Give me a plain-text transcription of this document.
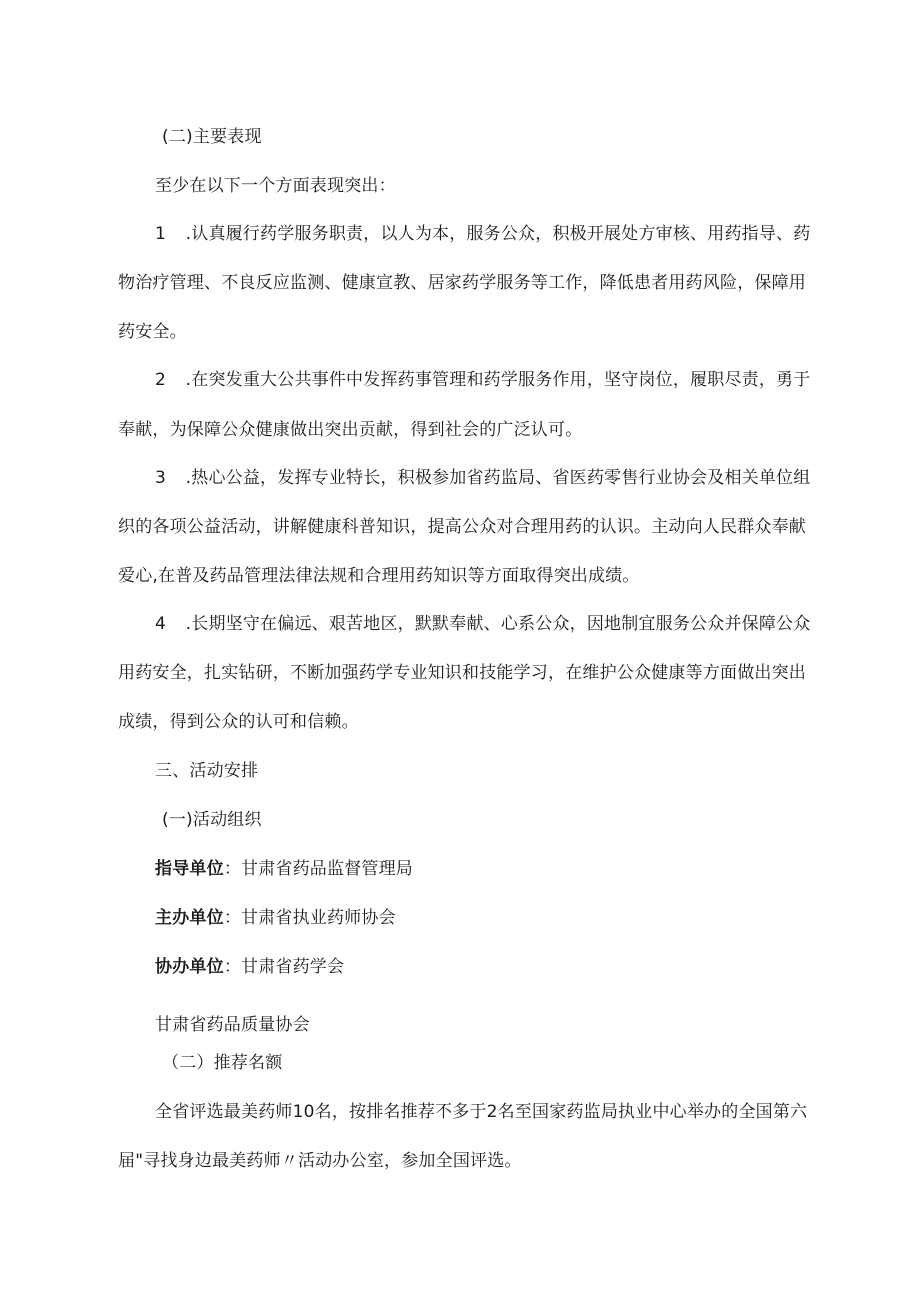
(二)主要表现
至少在以下一个方面表现突出：
1 .认真履行药学服务职责，以人为本，服务公众，积极开展处方审核、用药指导、药
物治疗管理、不良反应监测、健康宣教、居家药学服务等工作，降低患者用药风险，保障用
药安全。
2 .在突发重大公共事件中发挥药事管理和药学服务作用，坚守岗位，履职尽责，勇于
奉献，为保障公众健康做出突出贡献，得到社会的广泛认可。
3 .热心公益，发挥专业特长，积极参加省药监局、省医药零售行业协会及相关单位组
织的各项公益活动，讲解健康科普知识，提高公众对合理用药的认识。主动向人民群众奉献
爱心,在普及药品管理法律法规和合理用药知识等方面取得突出成绩。
4 .长期坚守在偏远、艰苦地区，默默奉献、心系公众，因地制宜服务公众并保障公众
用药安全，扎实钻研，不断加强药学专业知识和技能学习，在维护公众健康等方面做出突出
成绩，得到公众的认可和信赖。
三、活动安排
(一)活动组织
指导单位：甘肃省药品监督管理局
主办单位：甘肃省执业药师协会
协办单位：甘肃省药学会
甘肃省药品质量协会
（二）推荐名额
全省评选最美药师10名，按排名推荐不多于2名至国家药监局执业中心举办的全国第六
届"寻找身边最美药师〃活动办公室，参加全国评选。
